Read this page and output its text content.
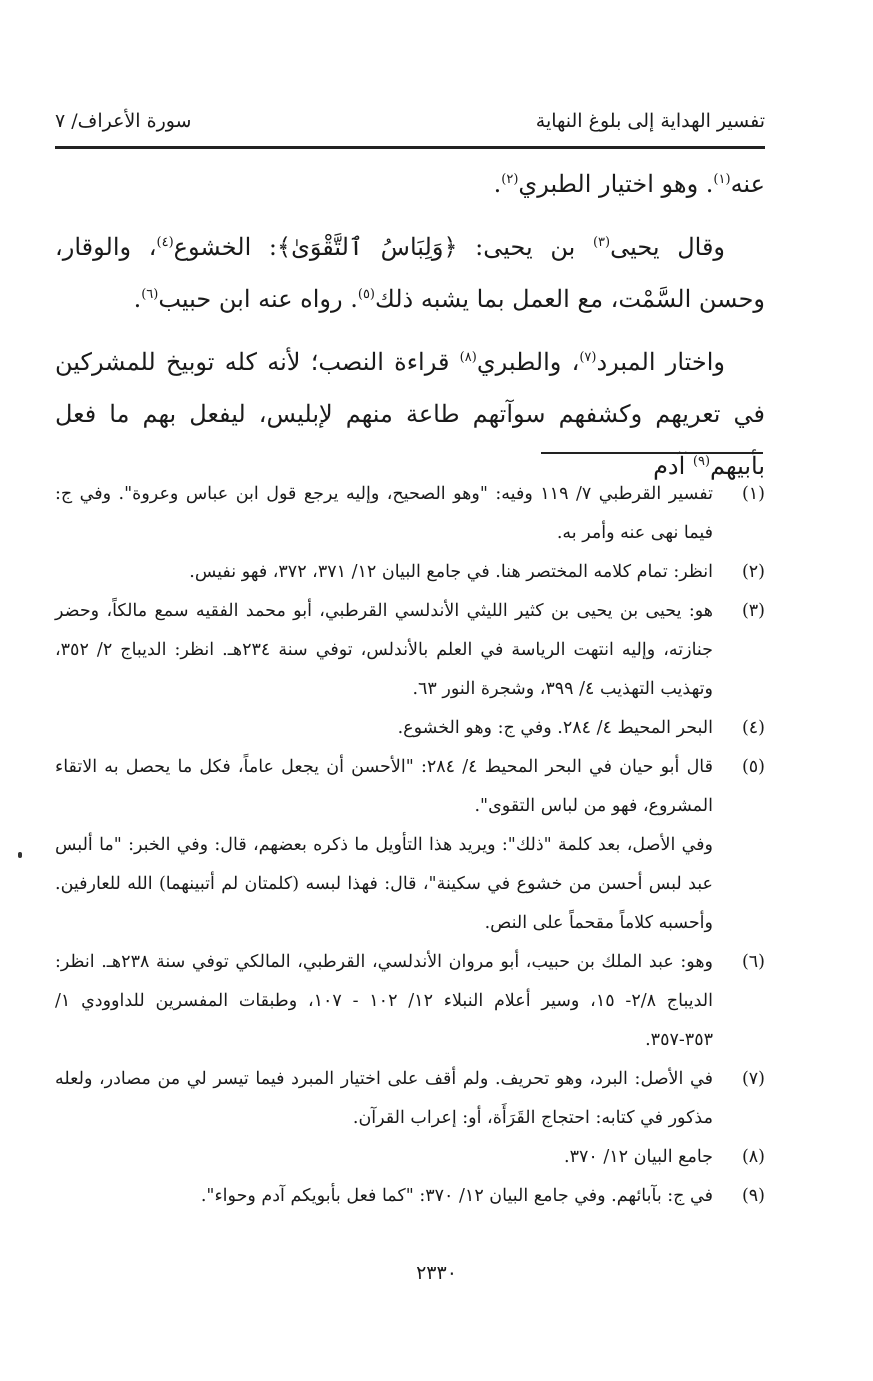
تفسير الهداية إلى بلوغ النهاية
سورة الأعراف/ ٧

عنه$^{(١)}$. وهو اختيار الطبري$^{(٢)}$.

وقال يحيى$^{(٣)}$ بن يحيى: ﴿وَلِبَاسُ ٱلتَّقْوَىٰ﴾: الخشوع$^{(٤)}$، والوقار، وحسن السَّمْت، مع العمل بما يشبه ذلك$^{(٥)}$. رواه عنه ابن حبيب$^{(٦)}$.

واختار المبرد$^{(٧)}$، والطبري$^{(٨)}$ قراءة النصب؛ لأنه كله توبيخ للمشركين في تعريهم وكشفهم سوآتهم طاعة منهم لإبليس، ليفعل بهم ما فعل بأبيهم$^{(٩)}$ آدم

(١)

تفسير القرطبي ٧/ ١١٩ وفيه: "وهو الصحيح، وإليه يرجع قول ابن عباس وعروة". وفي ج: فيما نهى عنه وأمر به.

(٢)

انظر: تمام كلامه المختصر هنا. في جامع البيان ١٢/ ٣٧١، ٣٧٢، فهو نفيس.

(٣)

هو: يحيى بن يحيى بن كثير الليثي الأندلسي القرطبي، أبو محمد الفقيه سمع مالكاً، وحضر جنازته، وإليه انتهت الرياسة في العلم بالأندلس، توفي سنة ٢٣٤هـ. انظر: الديباج ٢/ ٣٥٢، وتهذيب التهذيب ٤/ ٣٩٩، وشجرة النور ٦٣.

(٤)

البحر المحيط ٤/ ٢٨٤. وفي ج: وهو الخشوع.

(٥)

قال أبو حيان في البحر المحيط ٤/ ٢٨٤: "الأحسن أن يجعل عاماً، فكل ما يحصل به الاتقاء المشروع، فهو من لباس التقوى".

وفي الأصل، بعد كلمة "ذلك": ويريد هذا التأويل ما ذكره بعضهم، قال: وفي الخبر: "ما ألبس عبد لبس أحسن من خشوع في سكينة"، قال: فهذا لبسه (كلمتان لم أتبينهما) الله للعارفين. وأحسبه كلاماً مقحماً على النص.

(٦)

وهو: عبد الملك بن حبيب، أبو مروان الأندلسي، القرطبي، المالكي توفي سنة ٢٣٨هـ. انظر: الديباج ٢/٨- ١٥، وسير أعلام النبلاء ١٢/ ١٠٢ - ١٠٧، وطبقات المفسرين للداوودي ١/ ٣٥٣-٣٥٧.

(٧)

في الأصل: البرد، وهو تحريف. ولم أقف على اختيار المبرد فيما تيسر لي من مصادر، ولعله مذكور في كتابه: احتجاج القَرَأَة، أو: إعراب القرآن.

(٨)

جامع البيان ١٢/ ٣٧٠.

(٩)

في ج: بآبائهم. وفي جامع البيان ١٢/ ٣٧٠: "كما فعل بأبويكم آدم وحواء".

٢٣٣٠
